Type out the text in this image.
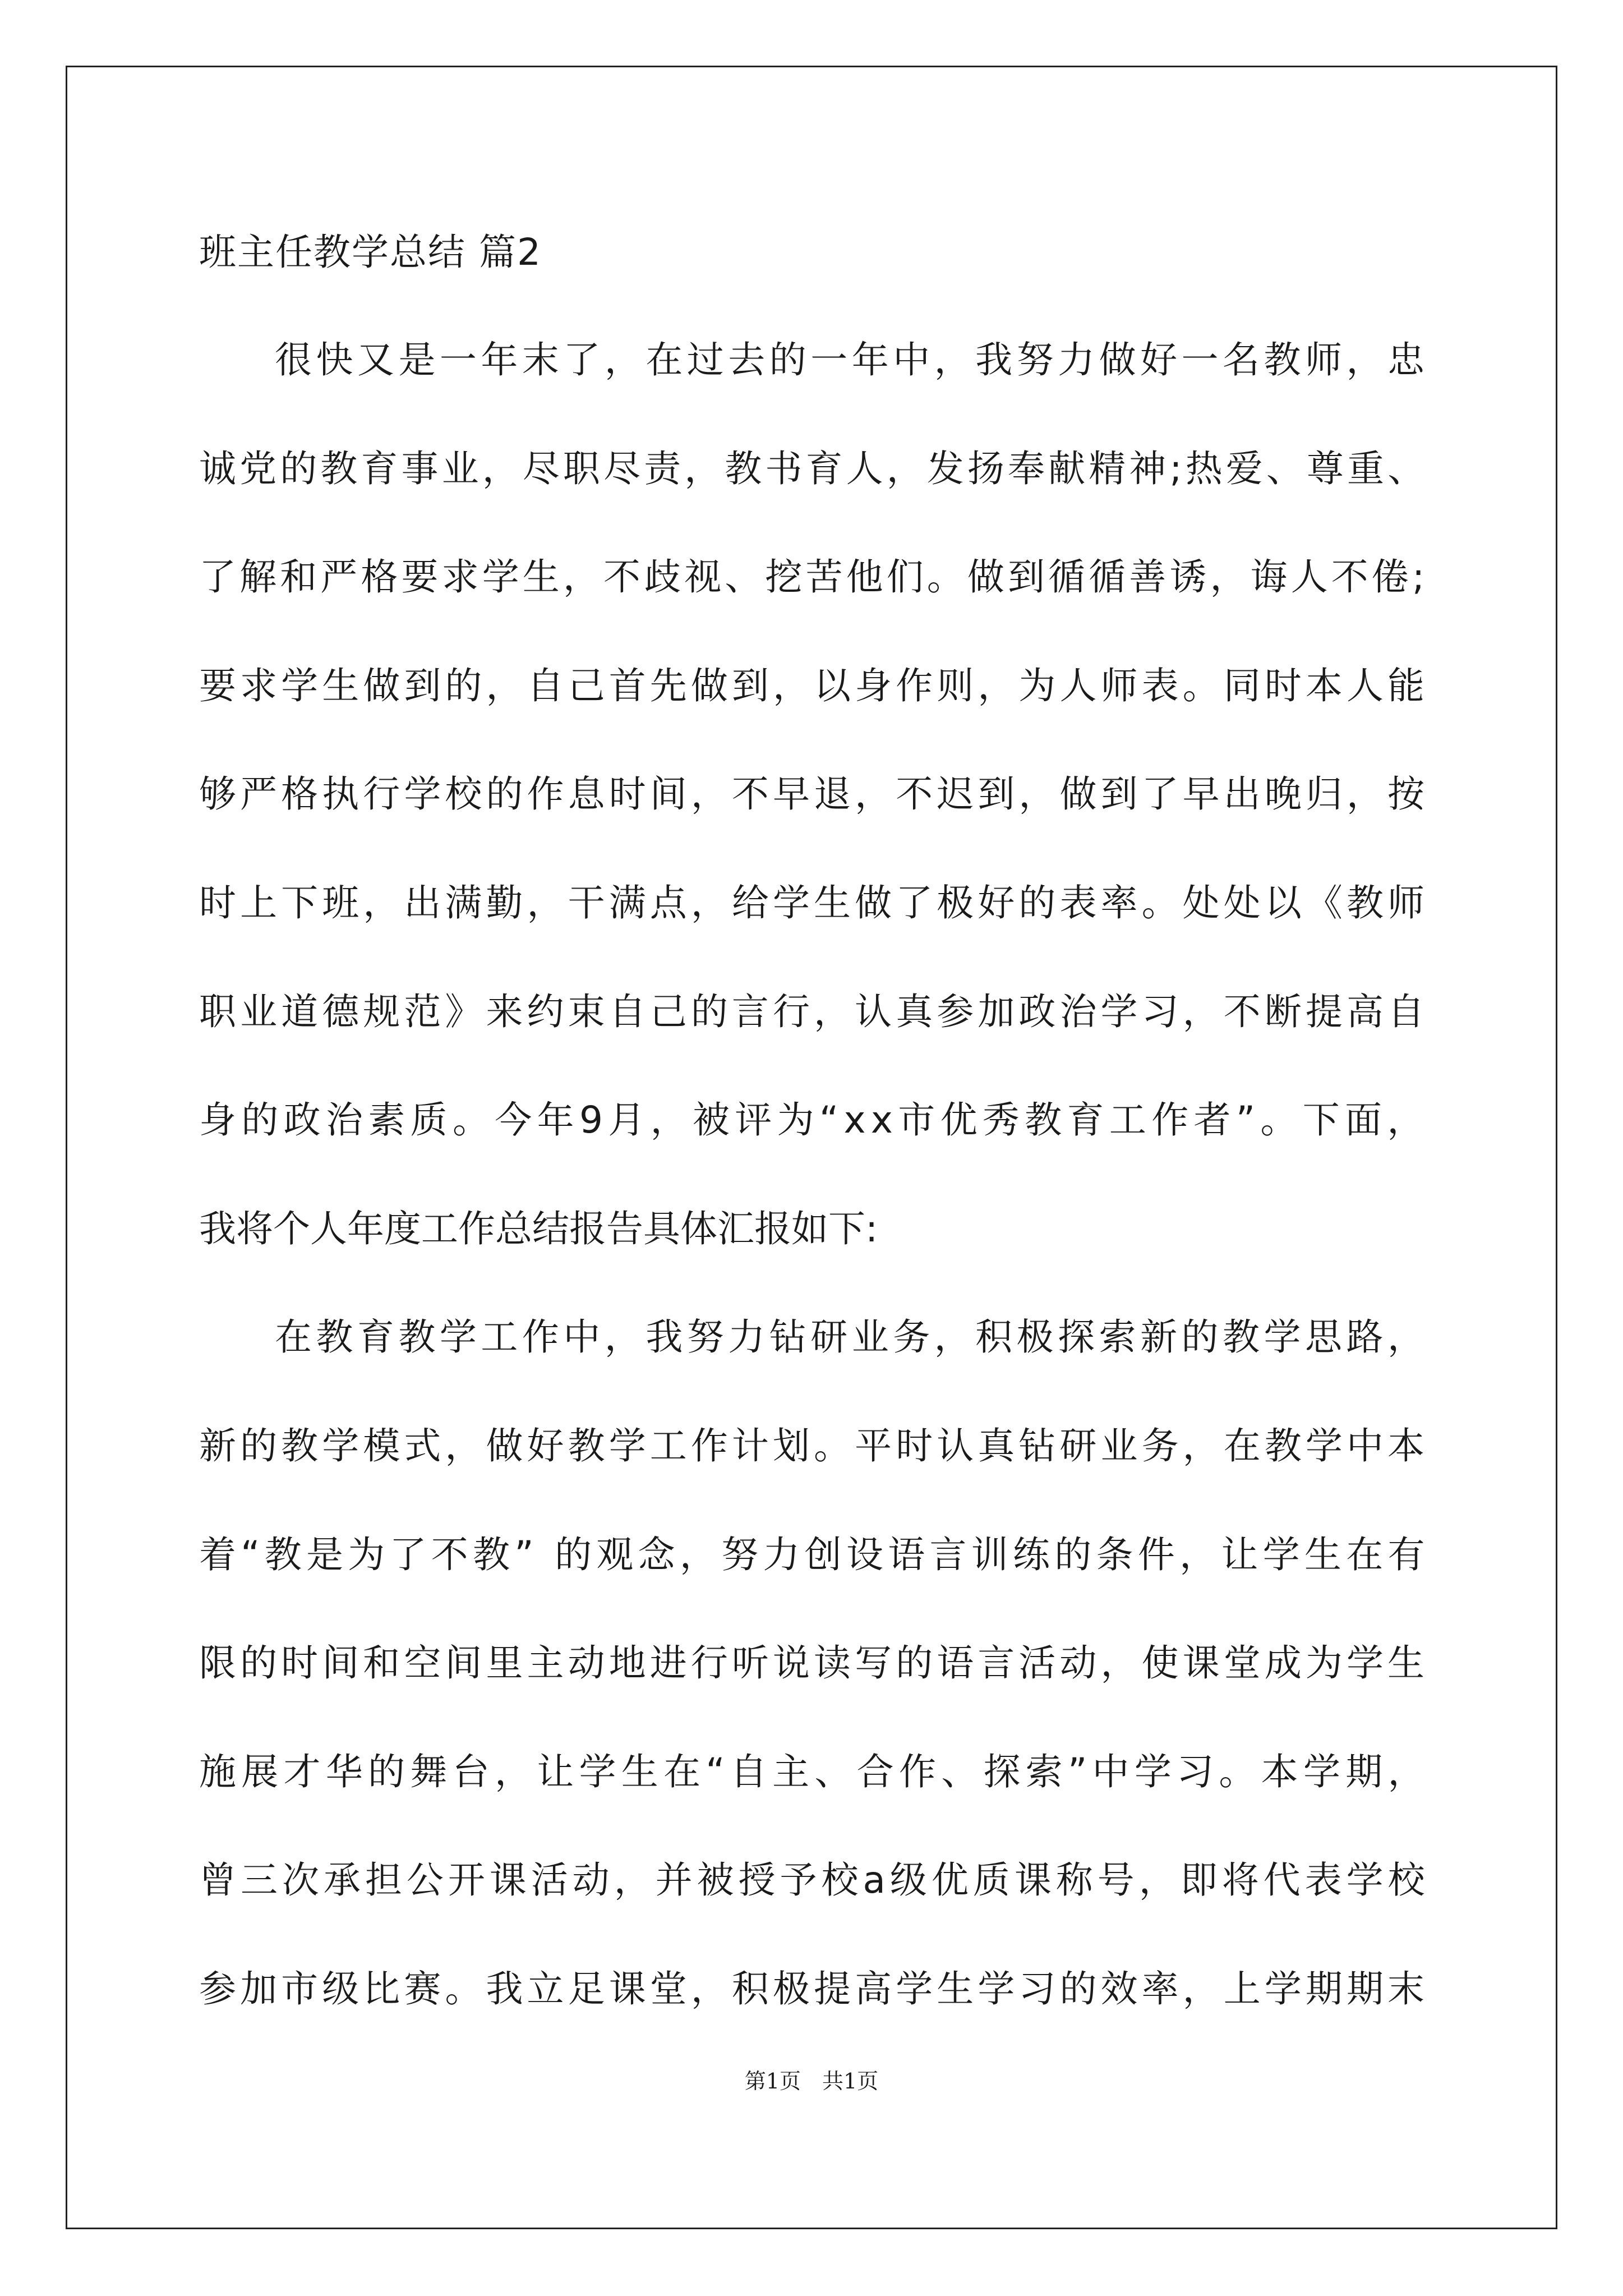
班主任教学总结 篇2
很快又是一年末了，在过去的一年中，我努力做好一名教师，忠
诚党的教育事业，尽职尽责，教书育人，发扬奉献精神;热爱、尊重、
了解和严格要求学生，不歧视、挖苦他们。做到循循善诱，诲人不倦;
要求学生做到的，自己首先做到，以身作则，为人师表。同时本人能
够严格执行学校的作息时间，不早退，不迟到，做到了早出晚归，按
时上下班，出满勤，干满点，给学生做了极好的表率。处处以《教师
职业道德规范》来约束自己的言行，认真参加政治学习，不断提高自
身的政治素质。今年9月，被评为“xx市优秀教育工作者”。下面，
我将个人年度工作总结报告具体汇报如下:
在教育教学工作中，我努力钻研业务，积极探索新的教学思路，
新的教学模式，做好教学工作计划。平时认真钻研业务，在教学中本
着“教是为了不教” 的观念，努力创设语言训练的条件，让学生在有
限的时间和空间里主动地进行听说读写的语言活动，使课堂成为学生
施展才华的舞台，让学生在“自主、合作、探索”中学习。本学期，
曾三次承担公开课活动，并被授予校a级优质课称号，即将代表学校
参加市级比赛。我立足课堂，积极提高学生学习的效率，上学期期末
第1页　共1页
